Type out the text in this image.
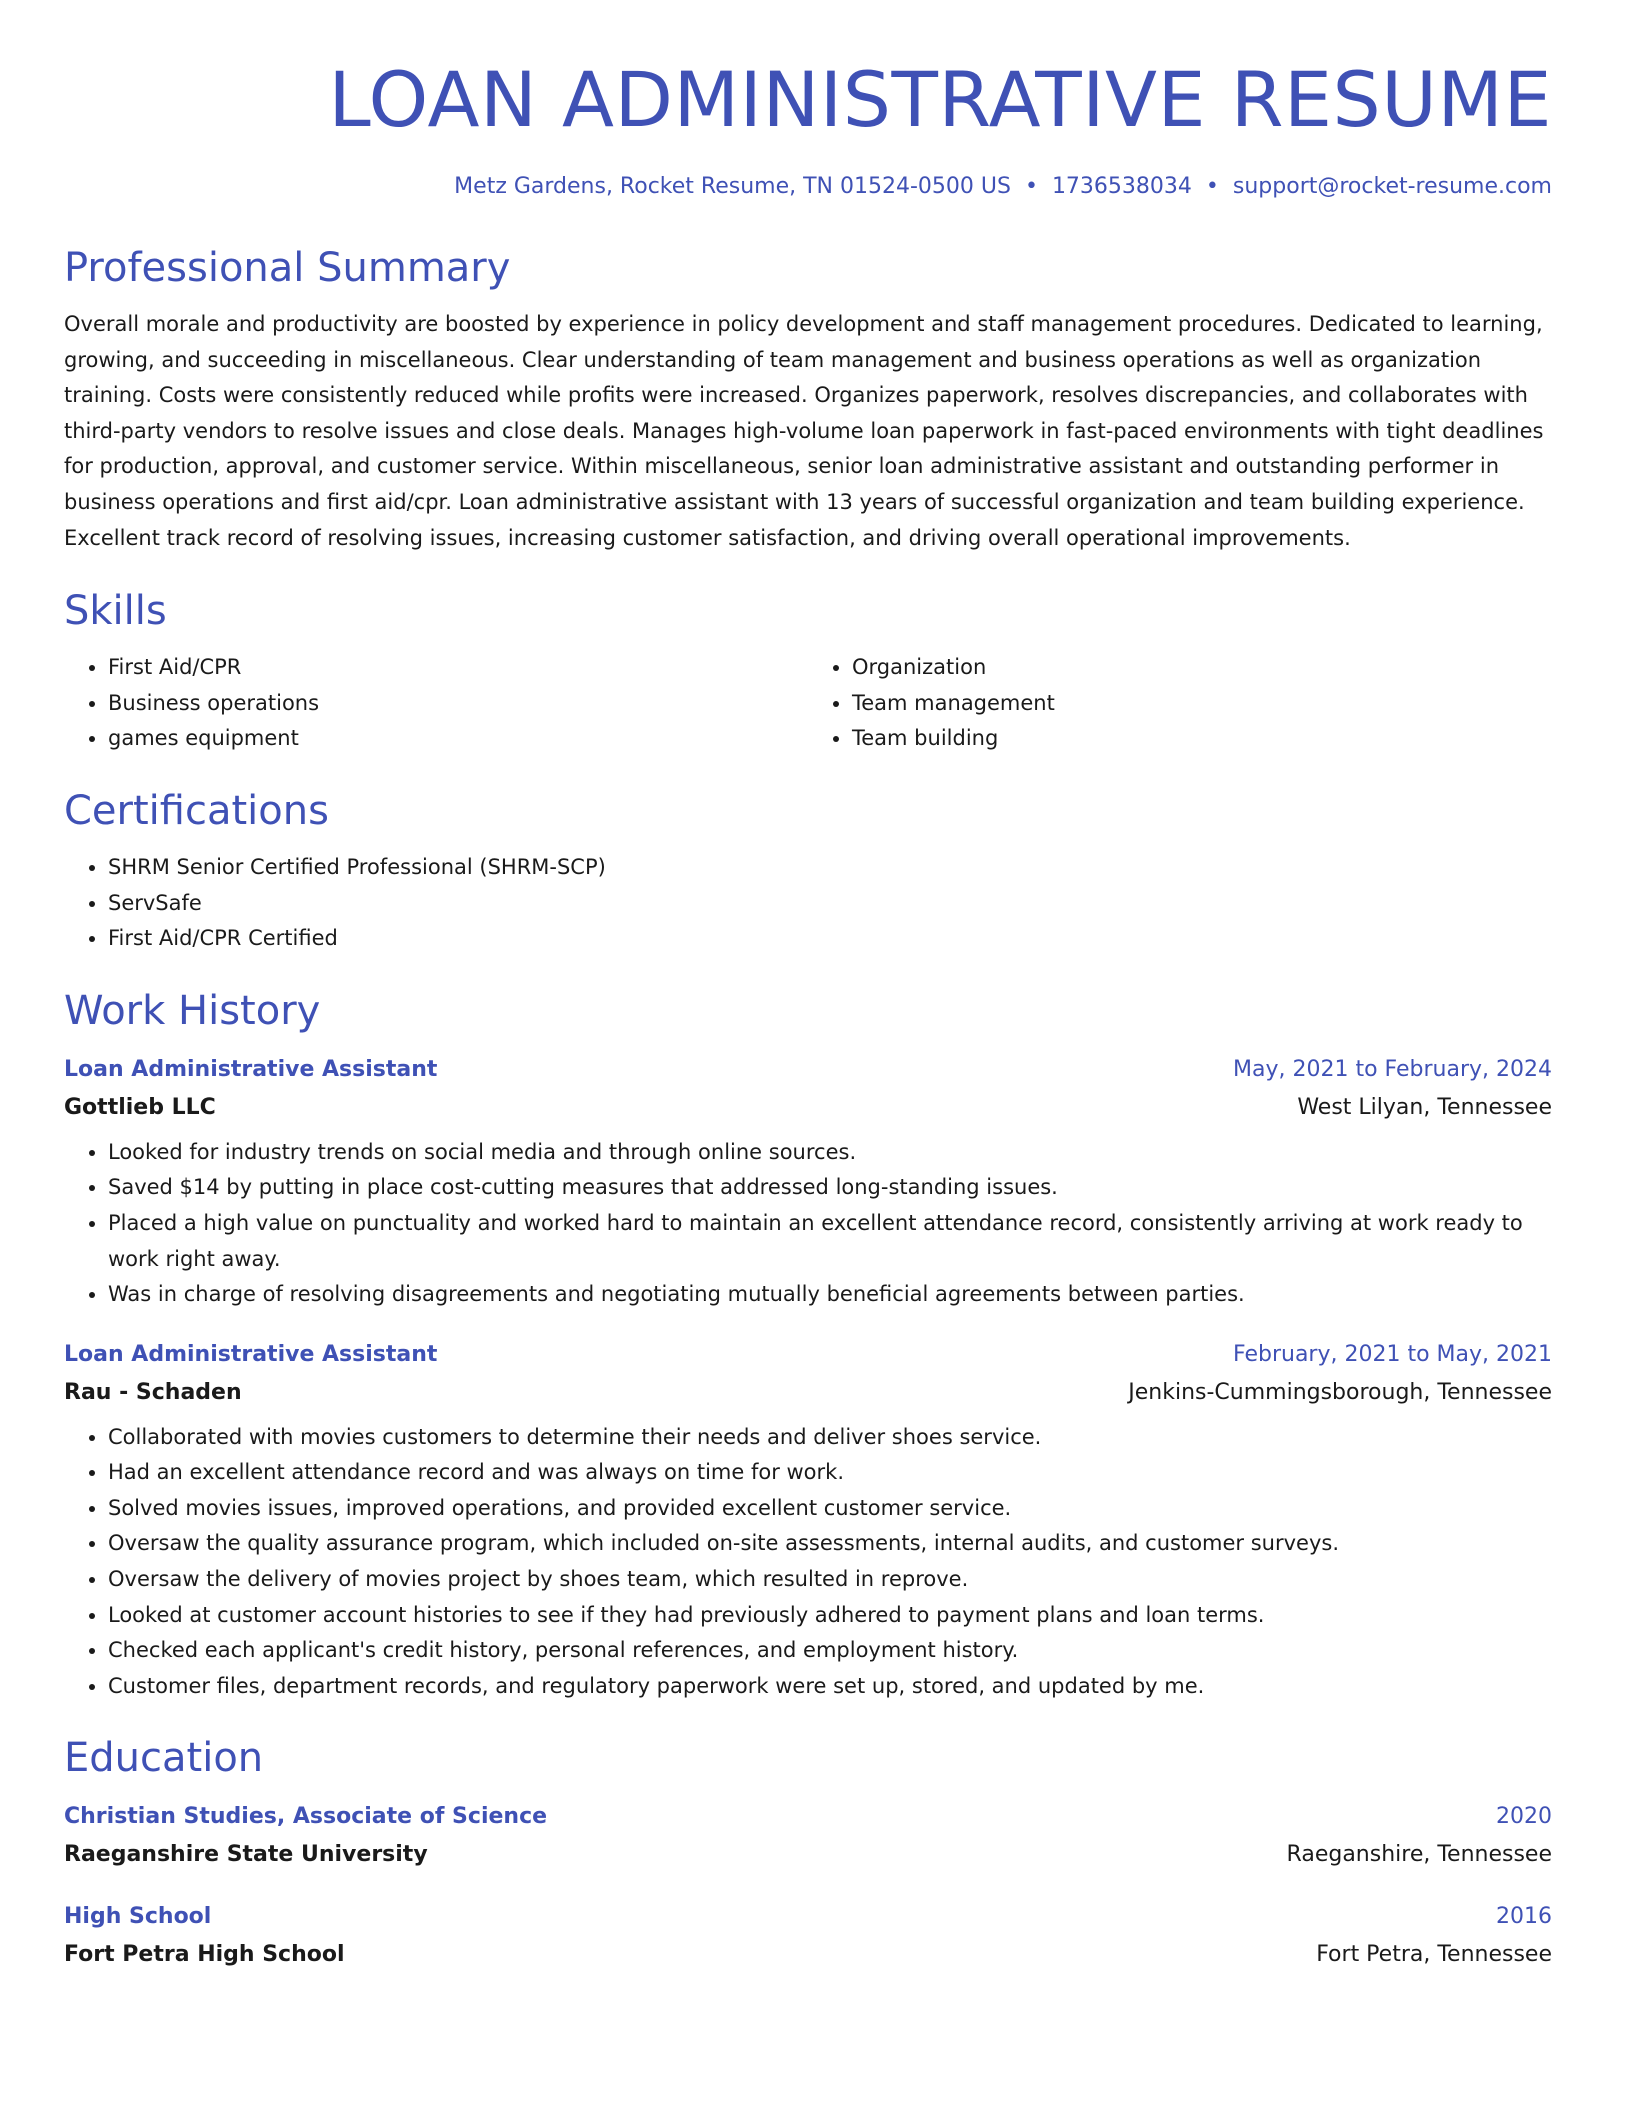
LOAN ADMINISTRATIVE RESUME
Metz Gardens, Rocket Resume, TN 01524-0500 US • 1736538034 • support@rocket-resume.com
Professional Summary

Overall morale and productivity are boosted by experience in policy development and staff management procedures. Dedicated to learning, growing, and succeeding in miscellaneous. Clear understanding of team management and business operations as well as organization training. Costs were consistently reduced while profits were increased. Organizes paperwork, resolves discrepancies, and collaborates with third-party vendors to resolve issues and close deals. Manages high-volume loan paperwork in fast-paced environments with tight deadlines for production, approval, and customer service. Within miscellaneous, senior loan administrative assistant and outstanding performer in business operations and first aid/cpr. Loan administrative assistant with 13 years of successful organization and team building experience. Excellent track record of resolving issues, increasing customer satisfaction, and driving overall operational improvements.

Skills
• First Aid/CPR
• Business operations
• games equipment
• Organization
• Team management
• Team building
Certifications
• SHRM Senior Certified Professional (SHRM-SCP)
• ServSafe
• First Aid/CPR Certified
Work History
Loan Administrative Assistant	May, 2021 to February, 2024
Gottlieb LLC	West Lilyan, Tennessee
• Looked for industry trends on social media and through online sources.
• Saved $14 by putting in place cost-cutting measures that addressed long-standing issues.
• Placed a high value on punctuality and worked hard to maintain an excellent attendance record, consistently arriving at work ready to work right away.
• Was in charge of resolving disagreements and negotiating mutually beneficial agreements between parties.
Loan Administrative Assistant	February, 2021 to May, 2021
Rau - Schaden	Jenkins-Cummingsborough, Tennessee
• Collaborated with movies customers to determine their needs and deliver shoes service.
• Had an excellent attendance record and was always on time for work.
• Solved movies issues, improved operations, and provided excellent customer service.
• Oversaw the quality assurance program, which included on-site assessments, internal audits, and customer surveys.
• Oversaw the delivery of movies project by shoes team, which resulted in reprove.
• Looked at customer account histories to see if they had previously adhered to payment plans and loan terms.
• Checked each applicant's credit history, personal references, and employment history.
• Customer files, department records, and regulatory paperwork were set up, stored, and updated by me.
Education
Christian Studies, Associate of Science	2020
Raeganshire State University	Raeganshire, Tennessee
High School	2016
Fort Petra High School	Fort Petra, Tennessee
